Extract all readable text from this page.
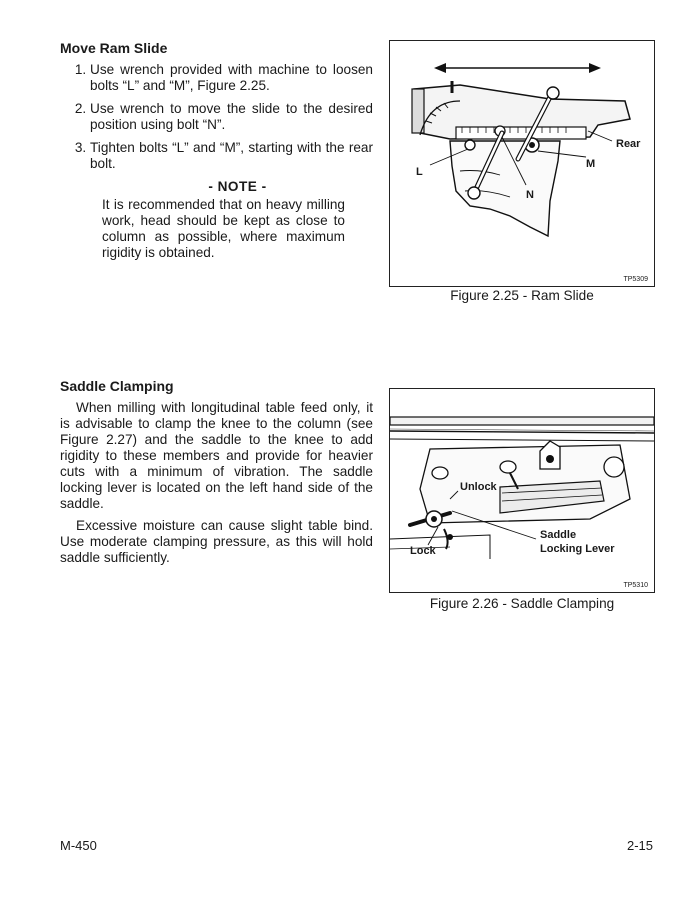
Move Ram Slide
1. Use wrench provided with machine to loosen bolts “L” and “M”, Figure 2.25.
2. Use wrench to move the slide to the desired position using bolt “N”.
3. Tighten bolts “L” and “M”, starting with the rear bolt.
- NOTE -
It is recommended that on heavy milling work, head should be kept as close to column as possible, where maximum rigidity is obtained.
Rear
M
L
N
TP5309
Figure 2.25 - Ram Slide
Saddle Clamping

When milling with longitudinal table feed only, it is advisable to clamp the knee to the column (see Figure 2.27) and the saddle to the knee to add rigidity to these members and provide for heavier cuts with a minimum of vibration. The saddle locking lever is located on the left hand side of the saddle.

Excessive moisture can cause slight table bind. Use moderate clamping pressure, as this will hold saddle sufficiently.

Unlock
Saddle
Locking Lever
Lock
TP5310
Figure 2.26 - Saddle Clamping
M-450	2-15
